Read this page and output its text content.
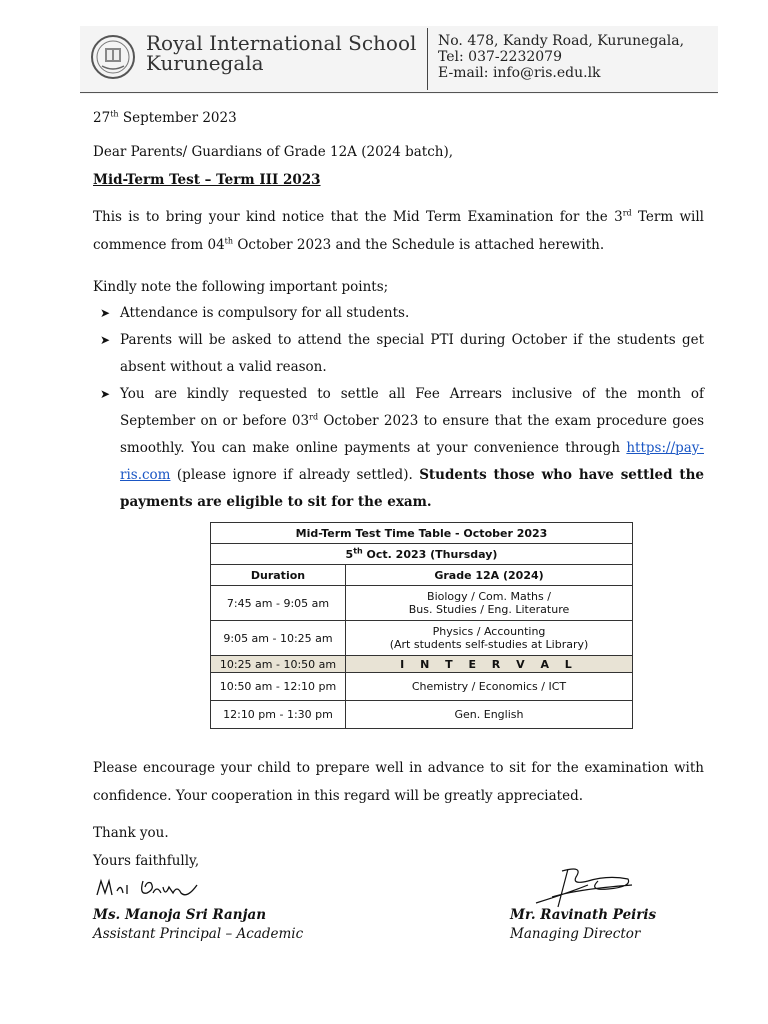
Royal International School
Kurunegala
No. 478, Kandy Road, Kurunegala,
Tel: 037-2232079
E-mail: info@ris.edu.lk
27th September 2023
Dear Parents/ Guardians of Grade 12A (2024 batch),
Mid-Term Test – Term III 2023
This is to bring your kind notice that the Mid Term Examination for the 3rd Term will commence from 04th October 2023 and the Schedule is attached herewith.
Kindly note the following important points;
➤ Attendance is compulsory for all students.
➤ Parents will be asked to attend the special PTI during October if the students get absent without a valid reason.
➤ You are kindly requested to settle all Fee Arrears inclusive of the month of September on or before 03rd October 2023 to ensure that the exam procedure goes smoothly. You can make online payments at your convenience through https://pay-ris.com (please ignore if already settled). Students those who have settled the payments are eligible to sit for the exam.
Mid-Term Test Time Table - October 2023	
5th Oct. 2023 (Thursday)	
Duration	Grade 12A (2024)
7:45 am - 9:05 am	Biology / Com. Maths /
Bus. Studies / Eng. Literature

9:05 am - 10:25 am	Physics / Accounting
(Art students self-studies at Library)

10:25 am - 10:50 am	I N T E R V A L
10:50 am - 12:10 pm	Chemistry / Economics / ICT
12:10 pm - 1:30 pm	Gen. English
Please encourage your child to prepare well in advance to sit for the examination with confidence. Your cooperation in this regard will be greatly appreciated.
Thank you.
Yours faithfully,
Ms. Manoja Sri Ranjan
Assistant Principal – Academic
Mr. Ravinath Peiris
Managing Director
